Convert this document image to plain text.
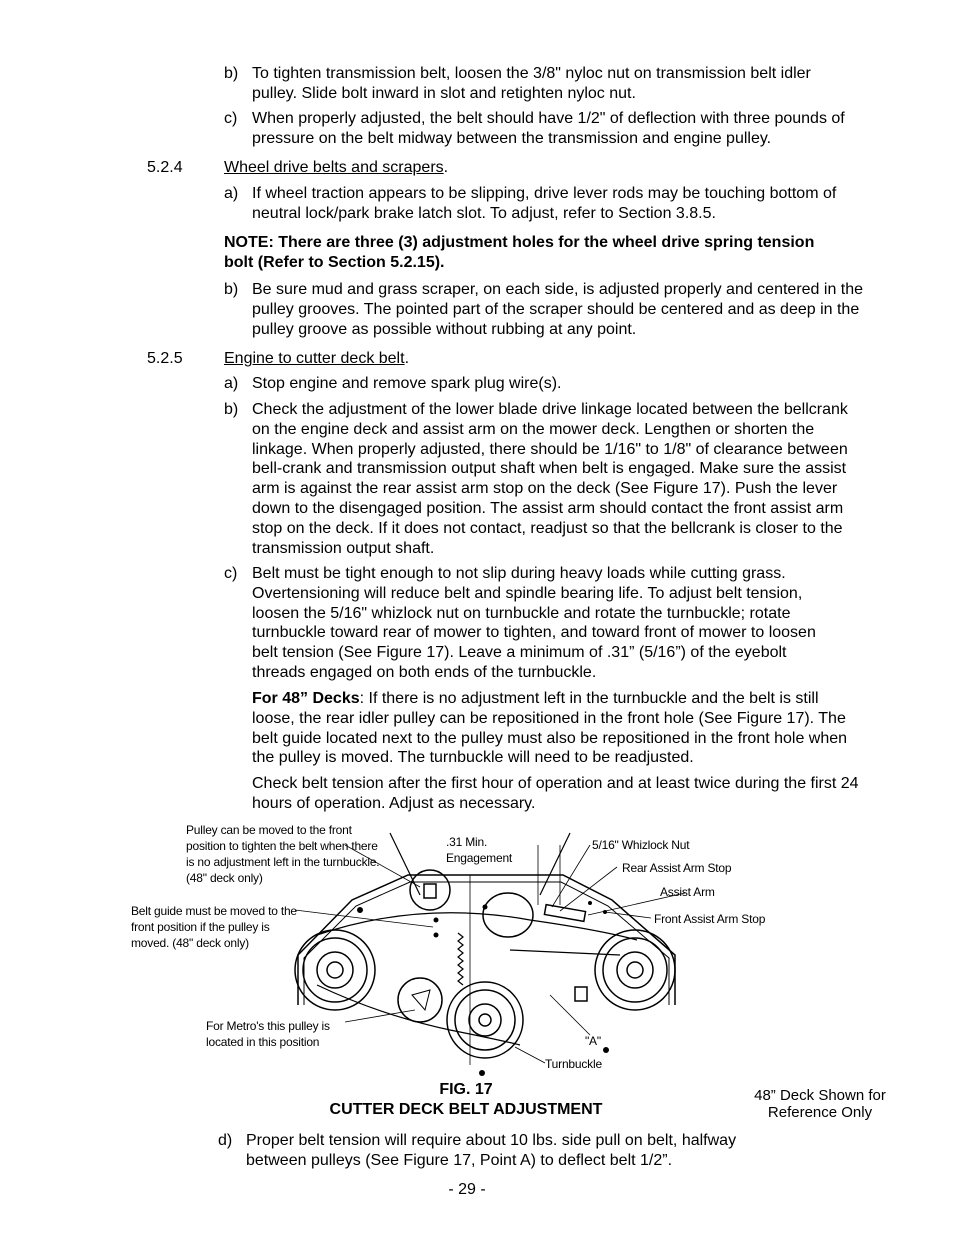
b) To tighten transmission belt, loosen the 3/8" nyloc nut on transmission belt idler pulley. Slide bolt inward in slot and retighten nyloc nut.
c) When properly adjusted, the belt should have 1/2" of deflection with three pounds of pressure on the belt midway between the transmission and engine pulley.
5.2.4	Wheel drive belts and scrapers.
a) If wheel traction appears to be slipping, drive lever rods may be touching bottom of neutral lock/park brake latch slot. To adjust, refer to Section 3.8.5.
NOTE: There are three (3) adjustment holes for the wheel drive spring tension bolt (Refer to Section 5.2.15).
b) Be sure mud and grass scraper, on each side, is adjusted properly and centered in the pulley grooves. The pointed part of the scraper should be centered and as deep in the pulley groove as possible without rubbing at any point.
5.2.5	Engine to cutter deck belt.
a) Stop engine and remove spark plug wire(s).
b) Check the adjustment of the lower blade drive linkage located between the bellcrank on the engine deck and assist arm on the mower deck. Lengthen or shorten the linkage. When properly adjusted, there should be 1/16" to 1/8" of clearance between bell-crank and transmission output shaft when belt is engaged. Make sure the assist arm is against the rear assist arm stop on the deck (See Figure 17). Push the lever down to the disengaged position. The assist arm should contact the front assist arm stop on the deck. If it does not contact, readjust so that the bellcrank is closer to the transmission output shaft.
c) Belt must be tight enough to not slip during heavy loads while cutting grass. Overtensioning will reduce belt and spindle bearing life. To adjust belt tension, loosen the 5/16" whizlock nut on turnbuckle and rotate the turnbuckle; rotate turnbuckle toward rear of mower to tighten, and toward front of mower to loosen belt tension (See Figure 17). Leave a minimum of .31” (5/16”) of the eyebolt threads engaged on both ends of the turnbuckle.
For 48” Decks: If there is no adjustment left in the turnbuckle and the belt is still loose, the rear idler pulley can be repositioned in the front hole (See Figure 17). The belt guide located next to the pulley must also be repositioned in the front hole when the pulley is moved. The turnbuckle will need to be readjusted.
Check belt tension after the first hour of operation and at least twice during the first 24 hours of operation. Adjust as necessary.
Pulley can be moved to the front position to tighten the belt when there is no adjustment left in the turnbuckle. (48" deck only)
Belt guide must be moved to the front position if the pulley is moved. (48" deck only)
For Metro's this pulley is located in this position
.31 Min. Engagement
5/16" Whizlock Nut
Rear Assist Arm Stop
Assist Arm
Front Assist Arm Stop
"A"
Turnbuckle
FIG. 17
CUTTER DECK BELT ADJUSTMENT
48” Deck Shown for Reference Only
d) Proper belt tension will require about 10 lbs. side pull on belt, halfway between pulleys (See Figure 17, Point A) to deflect belt 1/2”.
- 29 -
